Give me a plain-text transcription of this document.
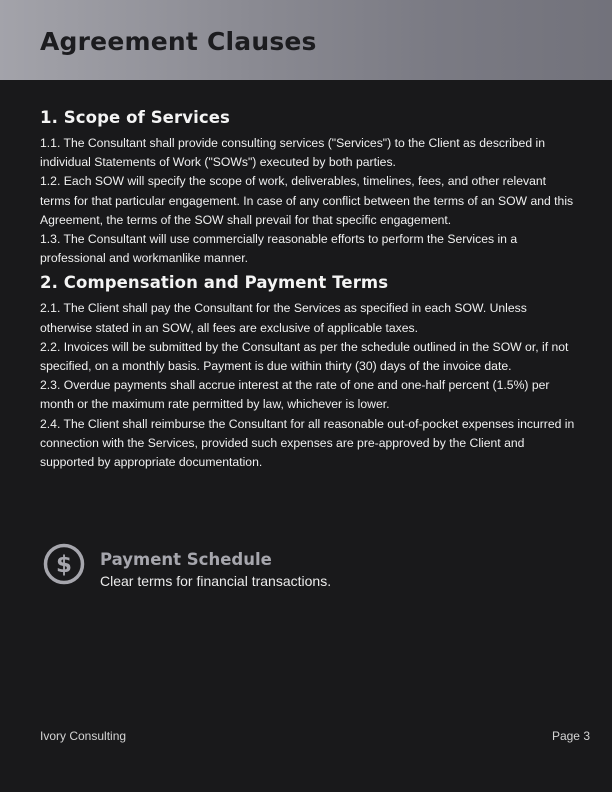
Agreement Clauses
1. Scope of Services

1.1. The Consultant shall provide consulting services ("Services") to the Client as described in individual Statements of Work ("SOWs") executed by both parties.

1.2. Each SOW will specify the scope of work, deliverables, timelines, fees, and other relevant terms for that particular engagement. In case of any conflict between the terms of an SOW and this Agreement, the terms of the SOW shall prevail for that specific engagement.

1.3. The Consultant will use commercially reasonable efforts to perform the Services in a professional and workmanlike manner.

2. Compensation and Payment Terms

2.1. The Client shall pay the Consultant for the Services as specified in each SOW. Unless otherwise stated in an SOW, all fees are exclusive of applicable taxes.

2.2. Invoices will be submitted by the Consultant as per the schedule outlined in the SOW or, if not specified, on a monthly basis. Payment is due within thirty (30) days of the invoice date.

2.3. Overdue payments shall accrue interest at the rate of one and one-half percent (1.5%) per month or the maximum rate permitted by law, whichever is lower.

2.4. The Client shall reimburse the Consultant for all reasonable out-of-pocket expenses incurred in connection with the Services, provided such expenses are pre-approved by the Client and supported by appropriate documentation.

$ Payment Schedule
Clear terms for financial transactions.
Ivory Consulting	Page 3
